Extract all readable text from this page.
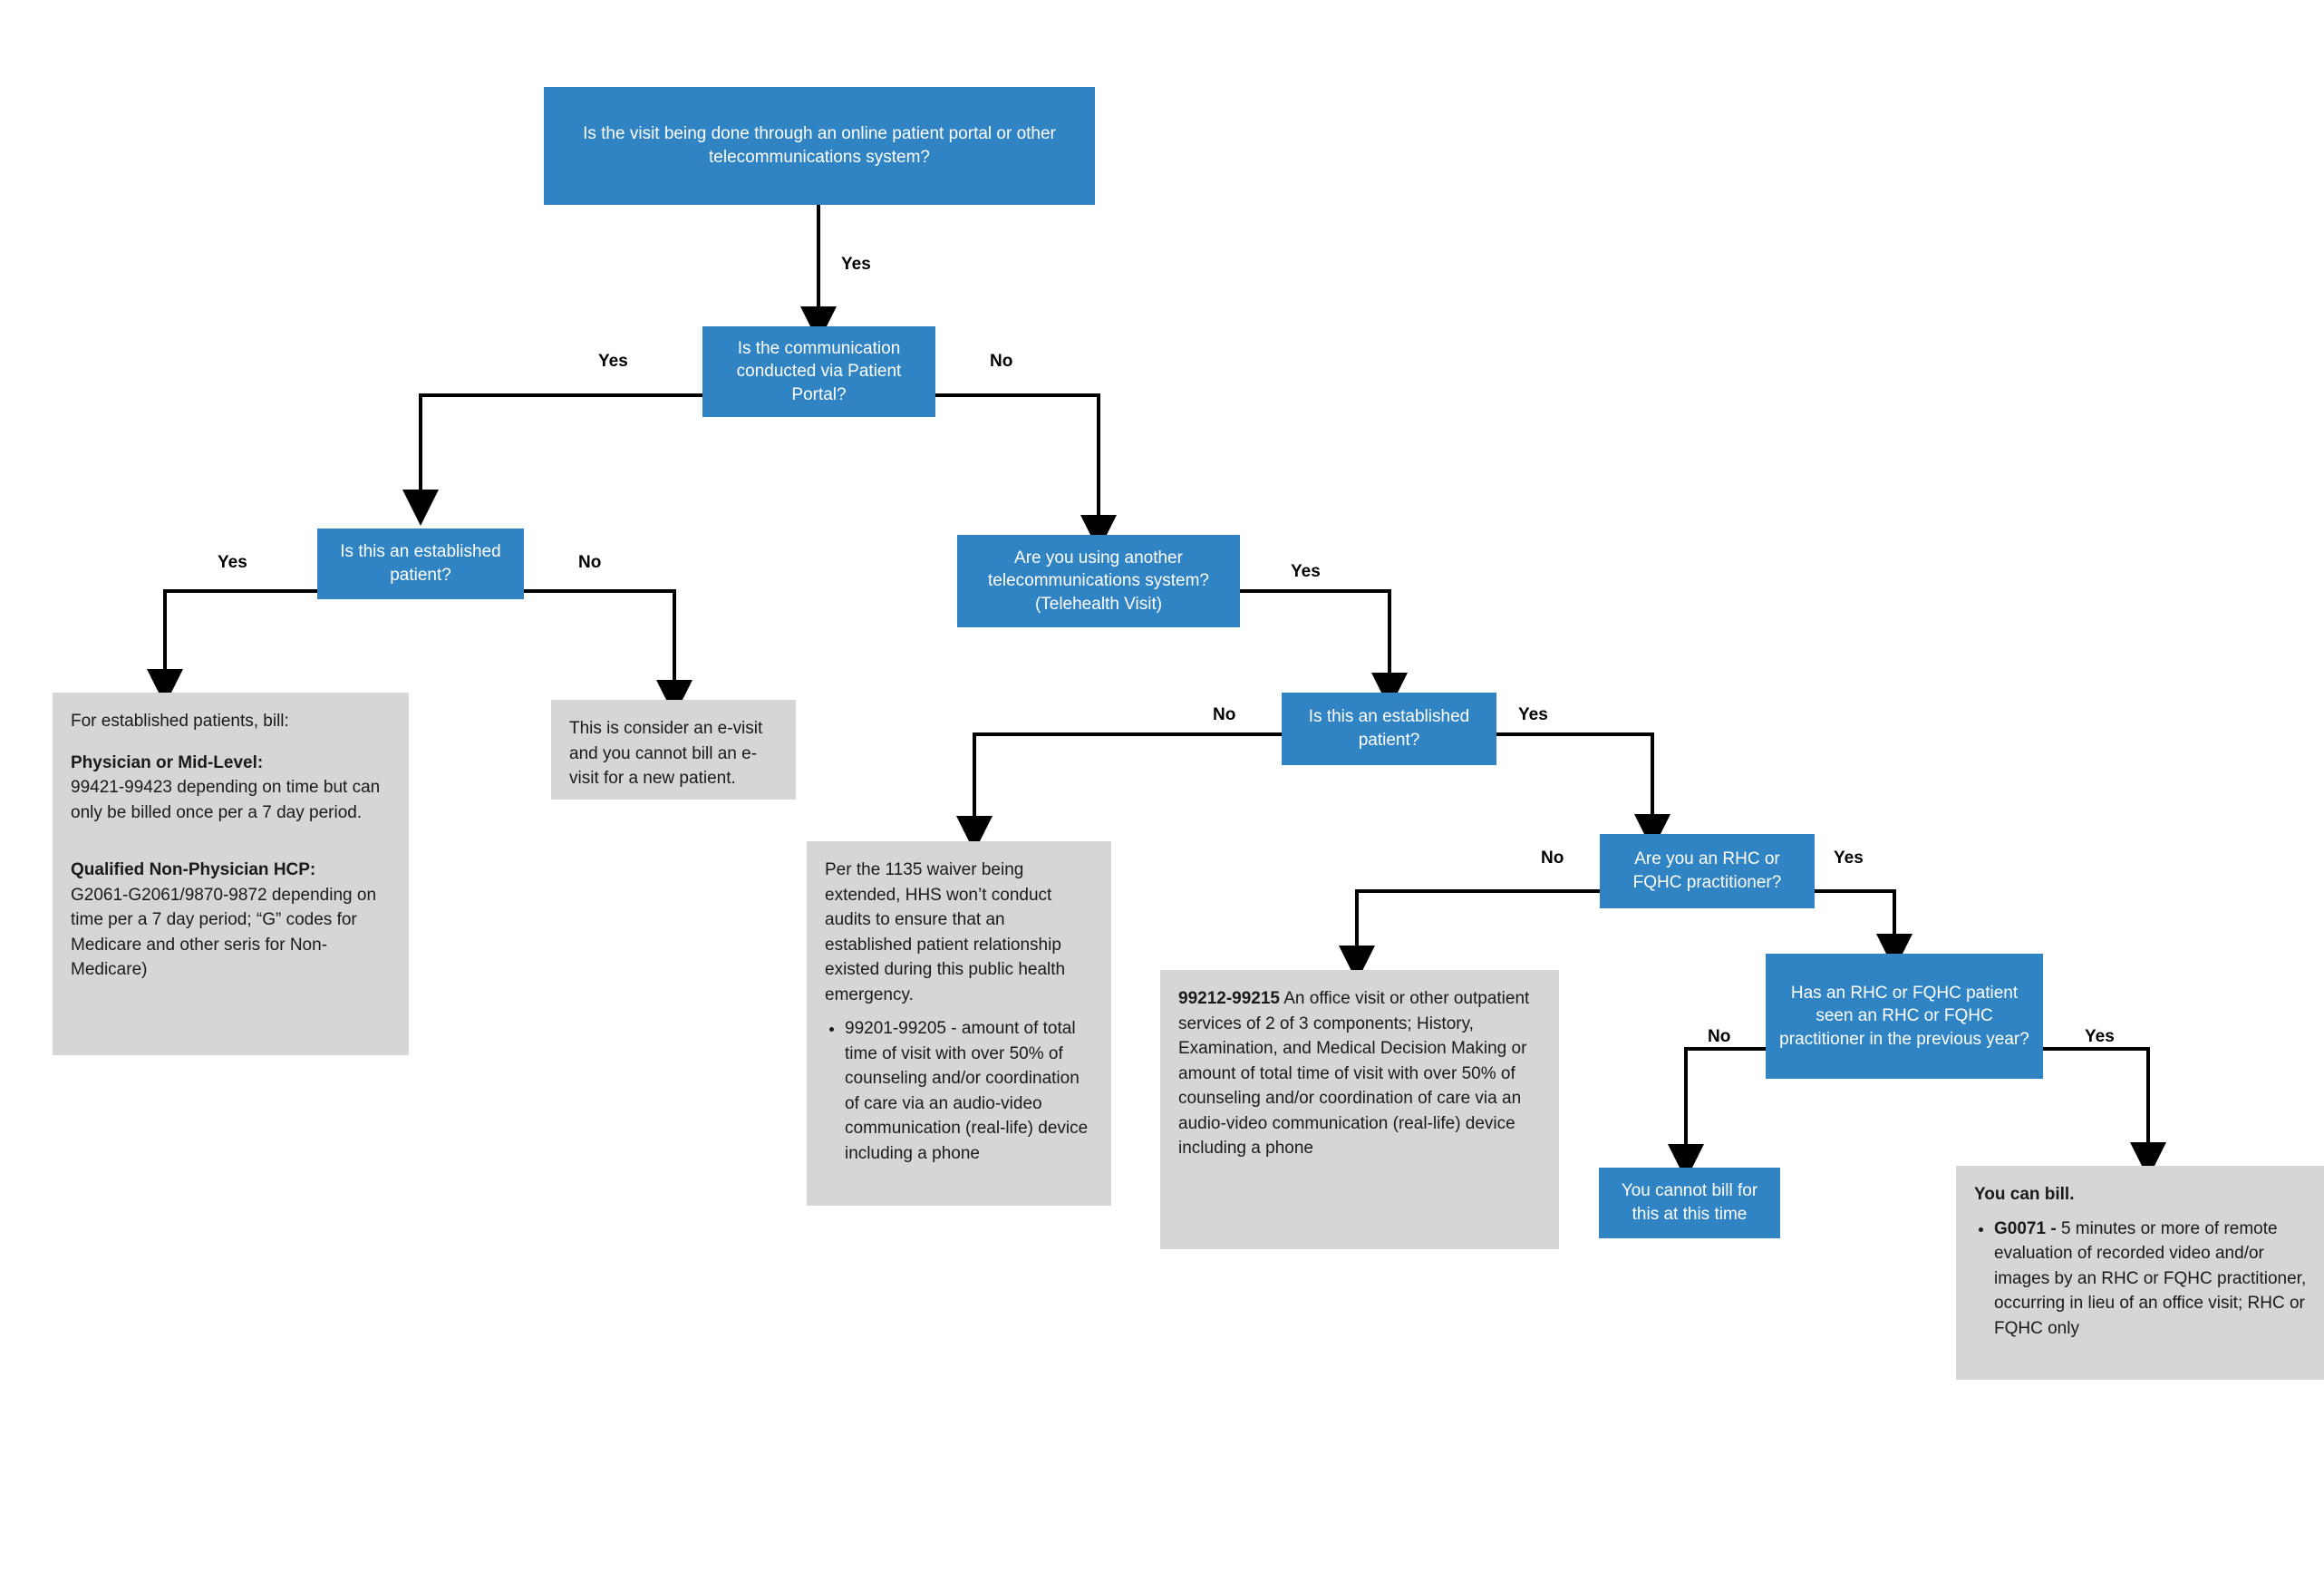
Is the visit being done through an online patient portal or other telecommunications system?
Is the communication conducted via Patient Portal?
Is this an established patient?
Are you using another telecommunications system? (Telehealth Visit)
Is this an established patient?
Are you an RHC or FQHC practitioner?
Has an RHC or FQHC patient seen an RHC or FQHC practitioner in the previous year?

For established patients, bill:

Physician or Mid-Level:

99421-99423 depending on time but can only be billed once per a 7 day period.

Qualified Non-Physician HCP:

G2061-G2061/9870-9872 depending on time per a 7 day period; “G” codes for Medicare and other seris for Non-Medicare)

This is consider an e-visit and you cannot bill an e-visit for a new patient.

Per the 1135 waiver being extended, HHS won’t conduct audits to ensure that an established patient relationship existed during this public health emergency.

• 99201-99205 - amount of total time of visit with over 50% of counseling and/or coordination of care via an audio-video communication (real-life) device including a phone

99212-99215 An office visit or other outpatient services of 2 of 3 components; History, Examination, and Medical Decision Making or amount of total time of visit with over 50% of counseling and/or coordination of care via an audio-video communication (real-life) device including a phone

You cannot bill for this at this time

You can bill.

• G0071 - 5 minutes or more of remote evaluation of recorded video and/or images by an RHC or FQHC practitioner, occurring in lieu of an office visit; RHC or FQHC only
Yes
Yes	No
Yes	No	Yes
No	Yes
No	Yes
No	Yes
